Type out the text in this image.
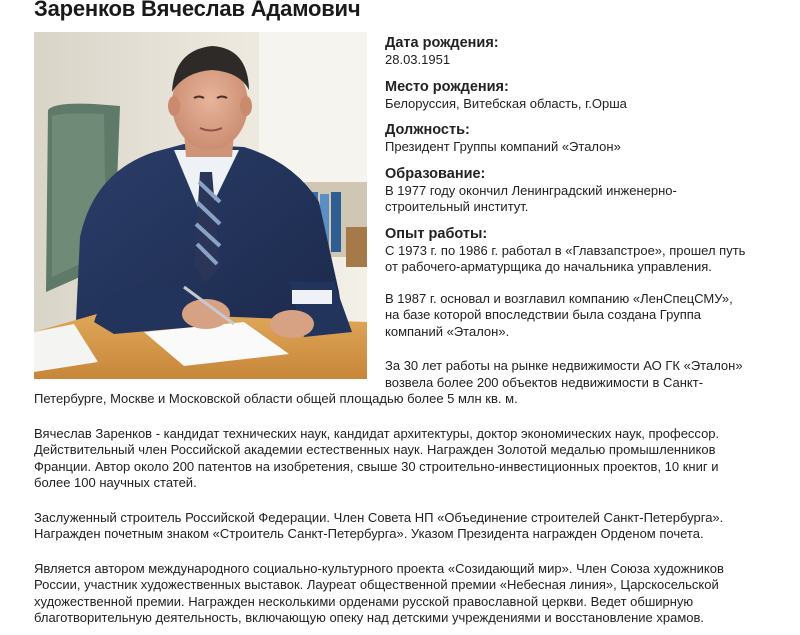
Заренков Вячеслав Адамович
Дата рождения:
28.03.1951
Место рождения:
Белоруссия, Витебская область, г.Орша
Должность:
Президент Группы компаний «Эталон»
Образование:
В 1977 году окончил Ленинградский инженерно-строительный институт.
Опыт работы:
С 1973 г. по 1986 г. работал в «Главзапстрое», прошел путь от рабочего-арматурщика до начальника управления.

В 1987 г. основал и возглавил компанию «ЛенСпецСМУ», на базе которой впоследствии была создана Группа компаний «Эталон».

За 30 лет работы на рынке недвижимости АО ГК «Эталон» возвела более 200 объектов недвижимости в Санкт-Петербурге, Москве и Московской области общей площадью более 5 млн кв. м.

Вячеслав Заренков - кандидат технических наук, кандидат архитектуры, доктор экономических наук, профессор. Действительный член Российской академии естественных наук. Награжден Золотой медалью промышленников Франции. Автор около 200 патентов на изобретения, свыше 30 строительно-инвестиционных проектов, 10 книг и более 100 научных статей.

Заслуженный строитель Российской Федерации. Член Совета НП «Объединение строителей Санкт-Петербурга». Награжден почетным знаком «Строитель Санкт-Петербурга». Указом Президента награжден Орденом почета.

Является автором международного социально-культурного проекта «Созидающий мир». Член Союза художников России, участник художественных выставок. Лауреат общественной премии «Небесная линия», Царскосельской художественной премии. Награжден несколькими орденами русской православной церкви. Ведет обширную благотворительную деятельность, включающую опеку над детскими учреждениями и восстановление храмов.
